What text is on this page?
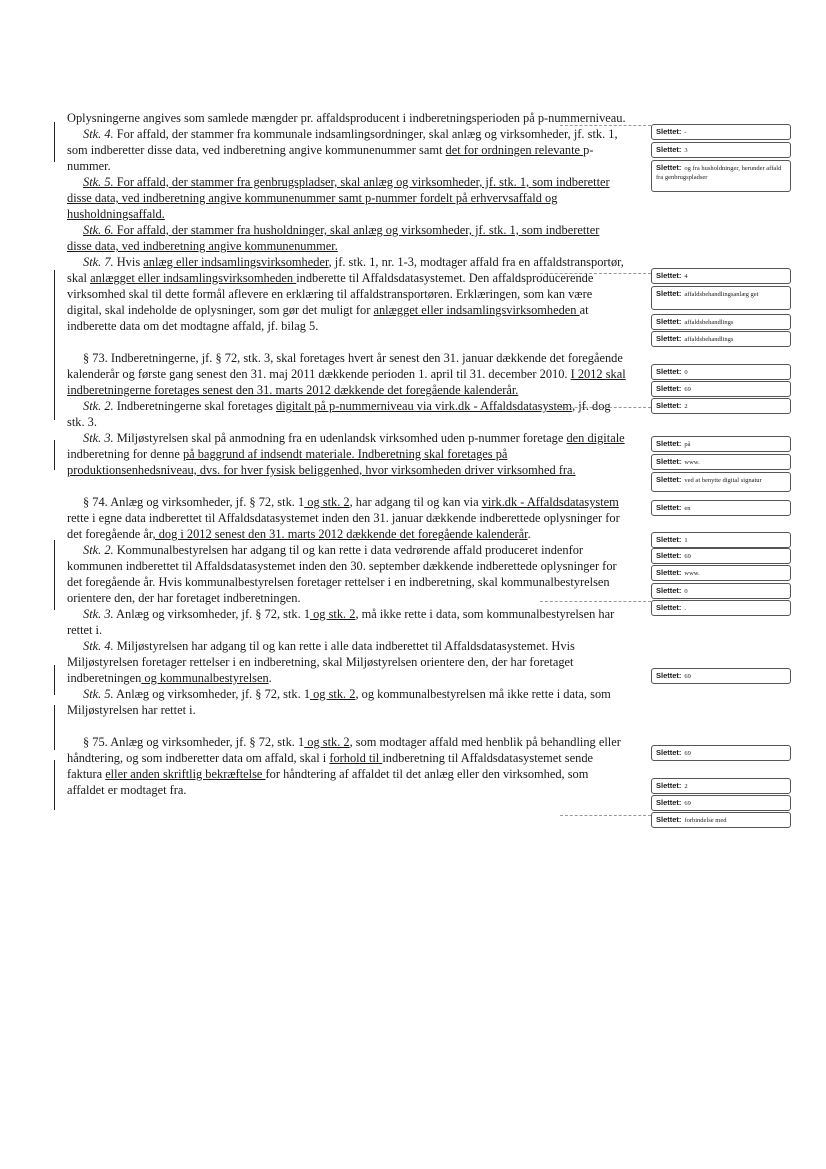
Oplysningerne angives som samlede mængder pr. affaldsproducent i indberetningsperioden på p-nummerniveau.

Stk. 4. For affald, der stammer fra kommunale indsamlingsordninger, skal anlæg og virksomheder, jf. stk. 1, som indberetter disse data, ved indberetning angive kommunenummer samt det for ordningen relevante p-nummer.

Stk. 5. For affald, der stammer fra genbrugspladser, skal anlæg og virksomheder, jf. stk. 1, som indberetter disse data, ved indberetning angive kommunenummer samt p-nummer fordelt på erhvervsaffald og husholdningsaffald.

Stk. 6. For affald, der stammer fra husholdninger, skal anlæg og virksomheder, jf. stk. 1, som indberetter disse data, ved indberetning angive kommunenummer.

Stk. 7. Hvis anlæg eller indsamlingsvirksomheder, jf. stk. 1, nr. 1-3, modtager affald fra en affaldstransportør, skal anlægget eller indsamlingsvirksomheden indberette til Affaldsdatasystemet. Den affaldsproducerende virksomhed skal til dette formål aflevere en erklæring til affaldstransportøren. Erklæringen, som kan være digital, skal indeholde de oplysninger, som gør det muligt for anlægget eller indsamlingsvirksomheden at indberette data om det modtagne affald, jf. bilag 5.

§ 73. Indberetningerne, jf. § 72, stk. 3, skal foretages hvert år senest den 31. januar dækkende det foregående kalenderår og første gang senest den 31. maj 2011 dækkende perioden 1. april til 31. december 2010. I 2012 skal indberetningerne foretages senest den 31. marts 2012 dækkende det foregående kalenderår.

Stk. 2. Indberetningerne skal foretages digitalt på p-nummerniveau via virk.dk - Affaldsdatasystem, jf. dog stk. 3.

Stk. 3. Miljøstyrelsen skal på anmodning fra en udenlandsk virksomhed uden p-nummer foretage den digitale indberetning for denne på baggrund af indsendt materiale. Indberetning skal foretages på produktionsenhedsniveau, dvs. for hver fysisk beliggenhed, hvor virksomheden driver virksomhed fra.

§ 74. Anlæg og virksomheder, jf. § 72, stk. 1 og stk. 2, har adgang til og kan via virk.dk - Affaldsdatasystem rette i egne data indberettet til Affaldsdatasystemet inden den 31. januar dækkende indberettede oplysninger for det foregående år, dog i 2012 senest den 31. marts 2012 dækkende det foregående kalenderår.

Stk. 2. Kommunalbestyrelsen har adgang til og kan rette i data vedrørende affald produceret indenfor kommunen indberettet til Affaldsdatasystemet inden den 30. september dækkende indberettede oplysninger for det foregående år. Hvis kommunalbestyrelsen foretager rettelser i en indberetning, skal kommunalbestyrelsen orientere den, der har foretaget indberetningen.

Stk. 3. Anlæg og virksomheder, jf. § 72, stk. 1 og stk. 2, må ikke rette i data, som kommunalbestyrelsen har rettet i.

Stk. 4. Miljøstyrelsen har adgang til og kan rette i alle data indberettet til Affaldsdatasystemet. Hvis Miljøstyrelsen foretager rettelser i en indberetning, skal Miljøstyrelsen orientere den, der har foretaget indberetningen og kommunalbestyrelsen.

Stk. 5. Anlæg og virksomheder, jf. § 72, stk. 1 og stk. 2, og kommunalbestyrelsen må ikke rette i data, som Miljøstyrelsen har rettet i.

§ 75. Anlæg og virksomheder, jf. § 72, stk. 1 og stk. 2, som modtager affald med henblik på behandling eller håndtering, og som indberetter data om affald, skal i forhold til indberetning til Affaldsdatasystemet sende faktura eller anden skriftlig bekræftelse for håndtering af affaldet til det anlæg eller den virksomhed, som affaldet er modtaget fra.

Slettet: -
Slettet: 3
Slettet: og fra husholdninger, herunder affald fra genbrugspladser
Slettet: 4
Slettet: affaldsbehandlingsanlæg get
Slettet: affaldsbehandlings
Slettet: affaldsbehandlings
Slettet: 0
Slettet: 69
Slettet: 2
Slettet: på
Slettet: www.
Slettet: ved at benytte digital signatur
Slettet: en
Slettet: 1
Slettet: 69
Slettet: www.
Slettet: 0
Slettet: .
Slettet: 69
Slettet: 69
Slettet: 2
Slettet: 69
Slettet: forbindelse med
